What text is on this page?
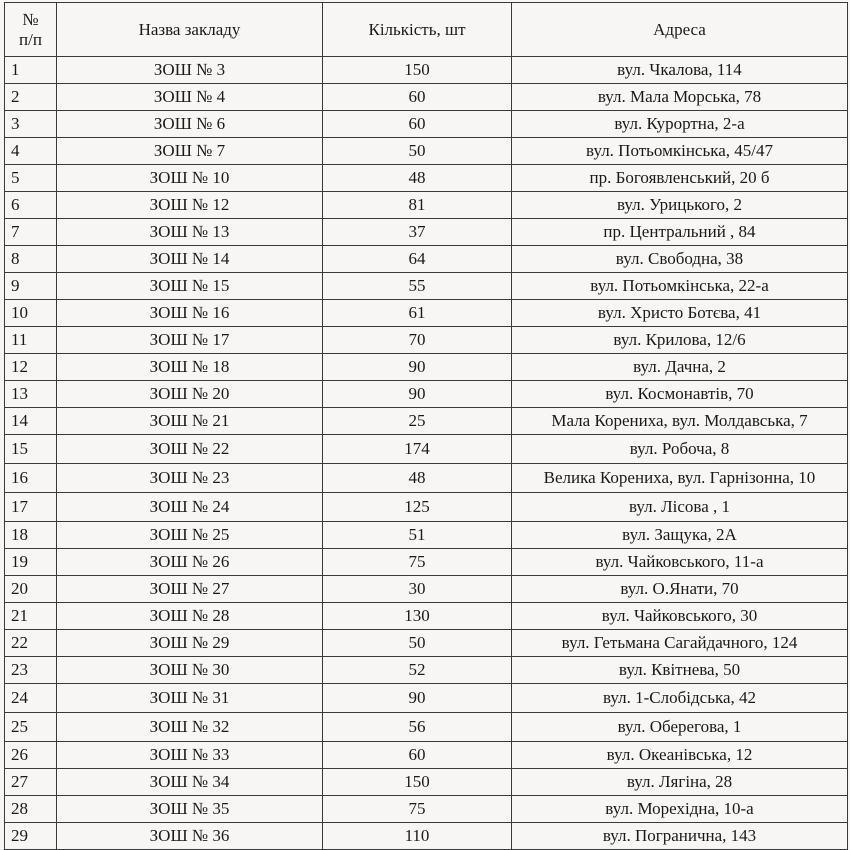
№
п/п	Назва закладу	Кількість, шт	Адреса
1	ЗОШ № 3	150	вул. Чкалова, 114
2	ЗОШ № 4	60	вул. Мала Морська, 78
3	ЗОШ № 6	60	вул. Курортна, 2-а
4	ЗОШ № 7	50	вул. Потьомкінська, 45/47
5	ЗОШ № 10	48	пр. Богоявленський, 20 б
6	ЗОШ № 12	81	вул. Урицького, 2
7	ЗОШ № 13	37	пр. Центральний , 84
8	ЗОШ № 14	64	вул. Свободна, 38
9	ЗОШ № 15	55	вул. Потьомкінська, 22-а
10	ЗОШ № 16	61	вул. Христо Ботєва, 41
11	ЗОШ № 17	70	вул. Крилова, 12/6
12	ЗОШ № 18	90	вул. Дачна, 2
13	ЗОШ № 20	90	вул. Космонавтів, 70
14	ЗОШ № 21	25	Мала Корениха, вул. Молдавська, 7
15	ЗОШ № 22	174	вул. Робоча, 8
16	ЗОШ № 23	48	Велика Корениха, вул. Гарнізонна, 10
17	ЗОШ № 24	125	вул. Лісова , 1
18	ЗОШ № 25	51	вул. Защука, 2А
19	ЗОШ № 26	75	вул. Чайковського, 11-а
20	ЗОШ № 27	30	вул. О.Янати, 70
21	ЗОШ № 28	130	вул. Чайковського, 30
22	ЗОШ № 29	50	вул. Гетьмана Сагайдачного, 124
23	ЗОШ № 30	52	вул. Квітнева, 50
24	ЗОШ № 31	90	вул. 1-Слобідська, 42
25	ЗОШ № 32	56	вул. Оберегова, 1
26	ЗОШ № 33	60	вул. Океанівська, 12
27	ЗОШ № 34	150	вул. Лягіна, 28
28	ЗОШ № 35	75	вул. Морехідна, 10-а
29	ЗОШ № 36	110	вул. Погранична, 143
